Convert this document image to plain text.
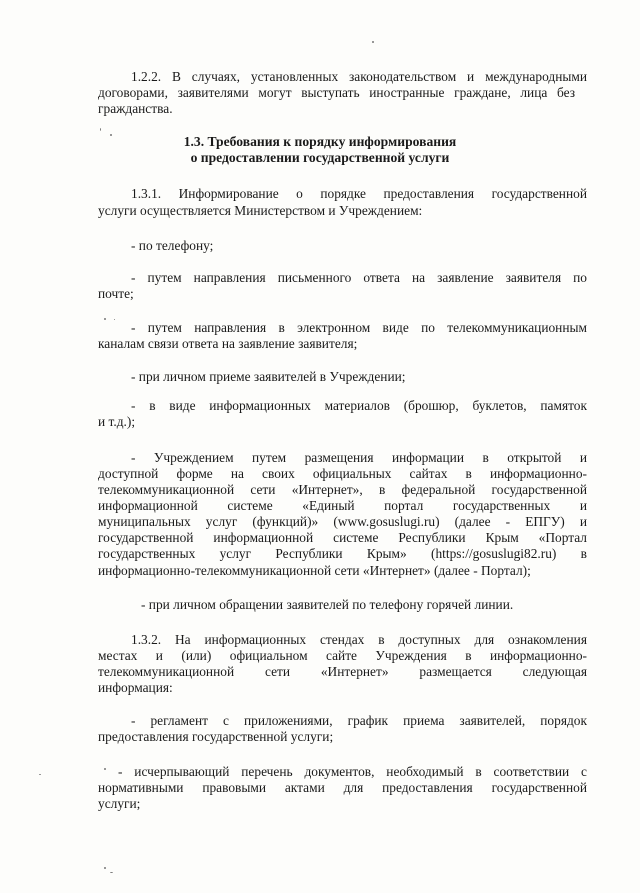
1.2.2. В случаях, установленных законодательством и международными

договорами, заявителями могут выступать иностранные граждане, лица без

гражданства.

1.3. Требования к порядку информирования

о предоставлении государственной услуги

1.3.1. Информирование о порядке предоставления государственной

услуги осуществляется Министерством и Учреждением:

- по телефону;

- путем направления письменного ответа на заявление заявителя по

почте;

- путем направления в электронном виде по телекоммуникационным

каналам связи ответа на заявление заявителя;

- при личном приеме заявителей в Учреждении;

- в виде информационных материалов (брошюр, буклетов, памяток

и т.д.);

- Учреждением путем размещения информации в открытой и

доступной форме на своих официальных сайтах в информационно-

телекоммуникационной сети «Интернет», в федеральной государственной

информационной системе «Единый портал государственных и

муниципальных услуг (функций)» (www.gosuslugi.ru) (далее - ЕПГУ) и

государственной информационной системе Республики Крым «Портал

государственных услуг Республики Крым» (https://gosuslugi82.ru) в

информационно-телекоммуникационной сети «Интернет» (далее - Портал);

- при личном обращении заявителей по телефону горячей линии.

1.3.2. На информационных стендах в доступных для ознакомления

местах и (или) официальном сайте Учреждения в информационно-

телекоммуникационной сети «Интернет» размещается следующая

информация:

- регламент с приложениями, график приема заявителей, порядок

предоставления государственной услуги;

- исчерпывающий перечень документов, необходимый в соответствии с

нормативными правовыми актами для предоставления государственной

услуги;
